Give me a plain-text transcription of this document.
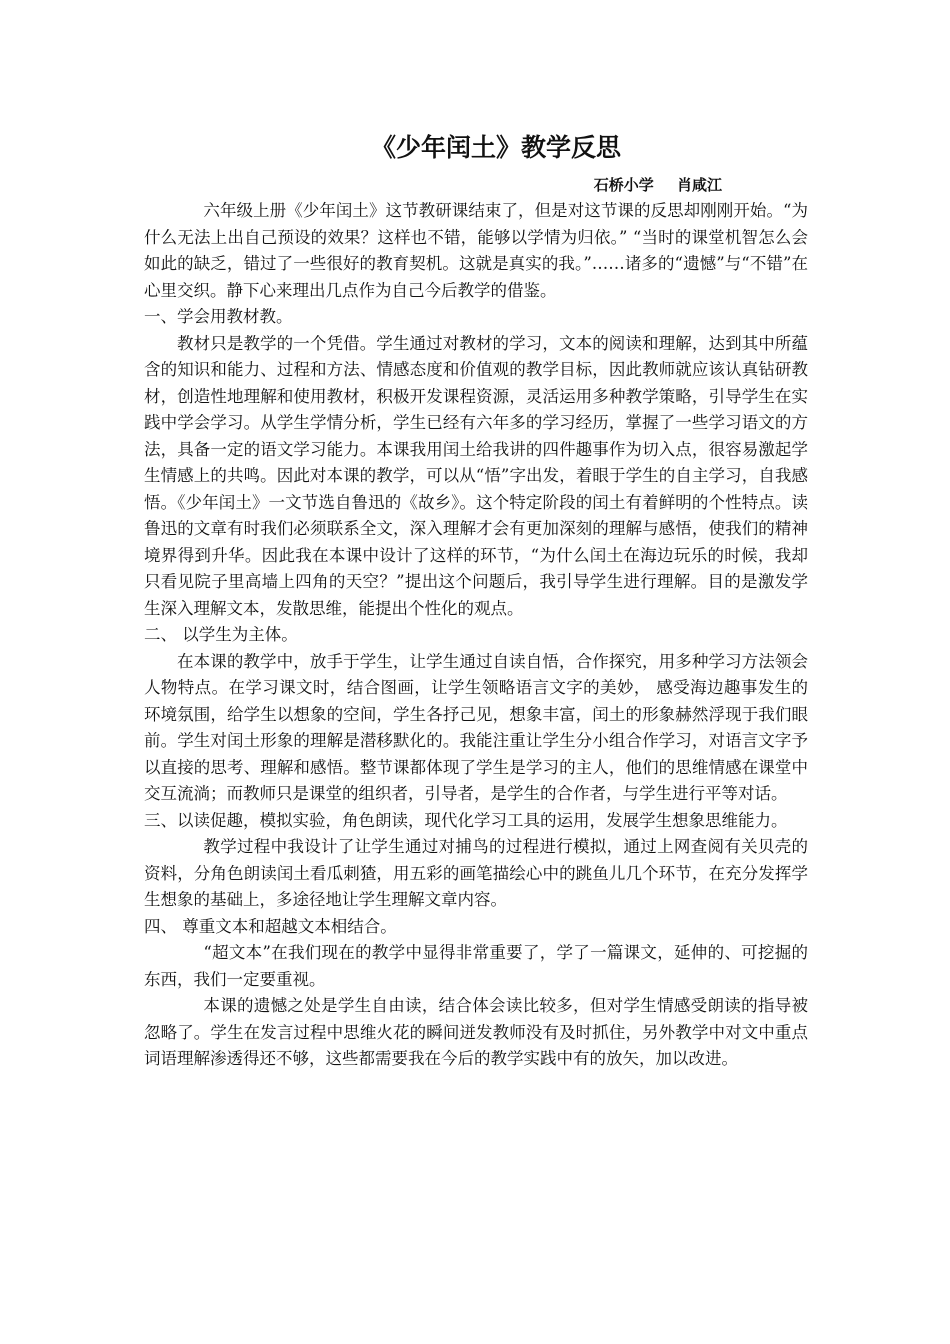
《少年闰土》教学反思
石桥小学 肖咸江

六年级上册《少年闰土》这节教研课结束了，但是对这节课的反思却刚刚开始。“为什么无法上出自己预设的效果？这样也不错，能够以学情为归依。” “当时的课堂机智怎么会如此的缺乏，错过了一些很好的教育契机。这就是真实的我。”……诸多的“遗憾”与“不错”在心里交织。静下心来理出几点作为自己今后教学的借鉴。

一、学会用教材教。

教材只是教学的一个凭借。学生通过对教材的学习，文本的阅读和理解，达到其中所蕴含的知识和能力、过程和方法、情感态度和价值观的教学目标，因此教师就应该认真钻研教材，创造性地理解和使用教材，积极开发课程资源，灵活运用多种教学策略，引导学生在实践中学会学习。从学生学情分析，学生已经有六年多的学习经历，掌握了一些学习语文的方法，具备一定的语文学习能力。本课我用闰土给我讲的四件趣事作为切入点，很容易激起学生情感上的共鸣。因此对本课的教学，可以从“悟”字出发，着眼于学生的自主学习，自我感悟。《少年闰土》一文节选自鲁迅的《故乡》。这个特定阶段的闰土有着鲜明的个性特点。读鲁迅的文章有时我们必须联系全文，深入理解才会有更加深刻的理解与感悟，使我们的精神境界得到升华。因此我在本课中设计了这样的环节，“为什么闰土在海边玩乐的时候，我却只看见院子里高墙上四角的天空？”提出这个问题后，我引导学生进行理解。目的是激发学生深入理解文本，发散思维，能提出个性化的观点。

二、 以学生为主体。

在本课的教学中，放手于学生，让学生通过自读自悟，合作探究，用多种学习方法领会人物特点。在学习课文时，结合图画，让学生领略语言文字的美妙， 感受海边趣事发生的环境氛围，给学生以想象的空间，学生各抒己见，想象丰富，闰土的形象赫然浮现于我们眼前。学生对闰土形象的理解是潜移默化的。我能注重让学生分小组合作学习，对语言文字予以直接的思考、理解和感悟。整节课都体现了学生是学习的主人，他们的思维情感在课堂中交互流淌；而教师只是课堂的组织者，引导者，是学生的合作者，与学生进行平等对话。

三、以读促趣，模拟实验，角色朗读，现代化学习工具的运用，发展学生想象思维能力。

教学过程中我设计了让学生通过对捕鸟的过程进行模拟，通过上网查阅有关贝壳的资料，分角色朗读闰土看瓜刺猹，用五彩的画笔描绘心中的跳鱼儿几个环节，在充分发挥学生想象的基础上，多途径地让学生理解文章内容。

四、 尊重文本和超越文本相结合。

“超文本”在我们现在的教学中显得非常重要了，学了一篇课文，延伸的、可挖掘的东西，我们一定要重视。

本课的遗憾之处是学生自由读，结合体会读比较多，但对学生情感受朗读的指导被忽略了。学生在发言过程中思维火花的瞬间迸发教师没有及时抓住，另外教学中对文中重点词语理解渗透得还不够，这些都需要我在今后的教学实践中有的放矢，加以改进。
